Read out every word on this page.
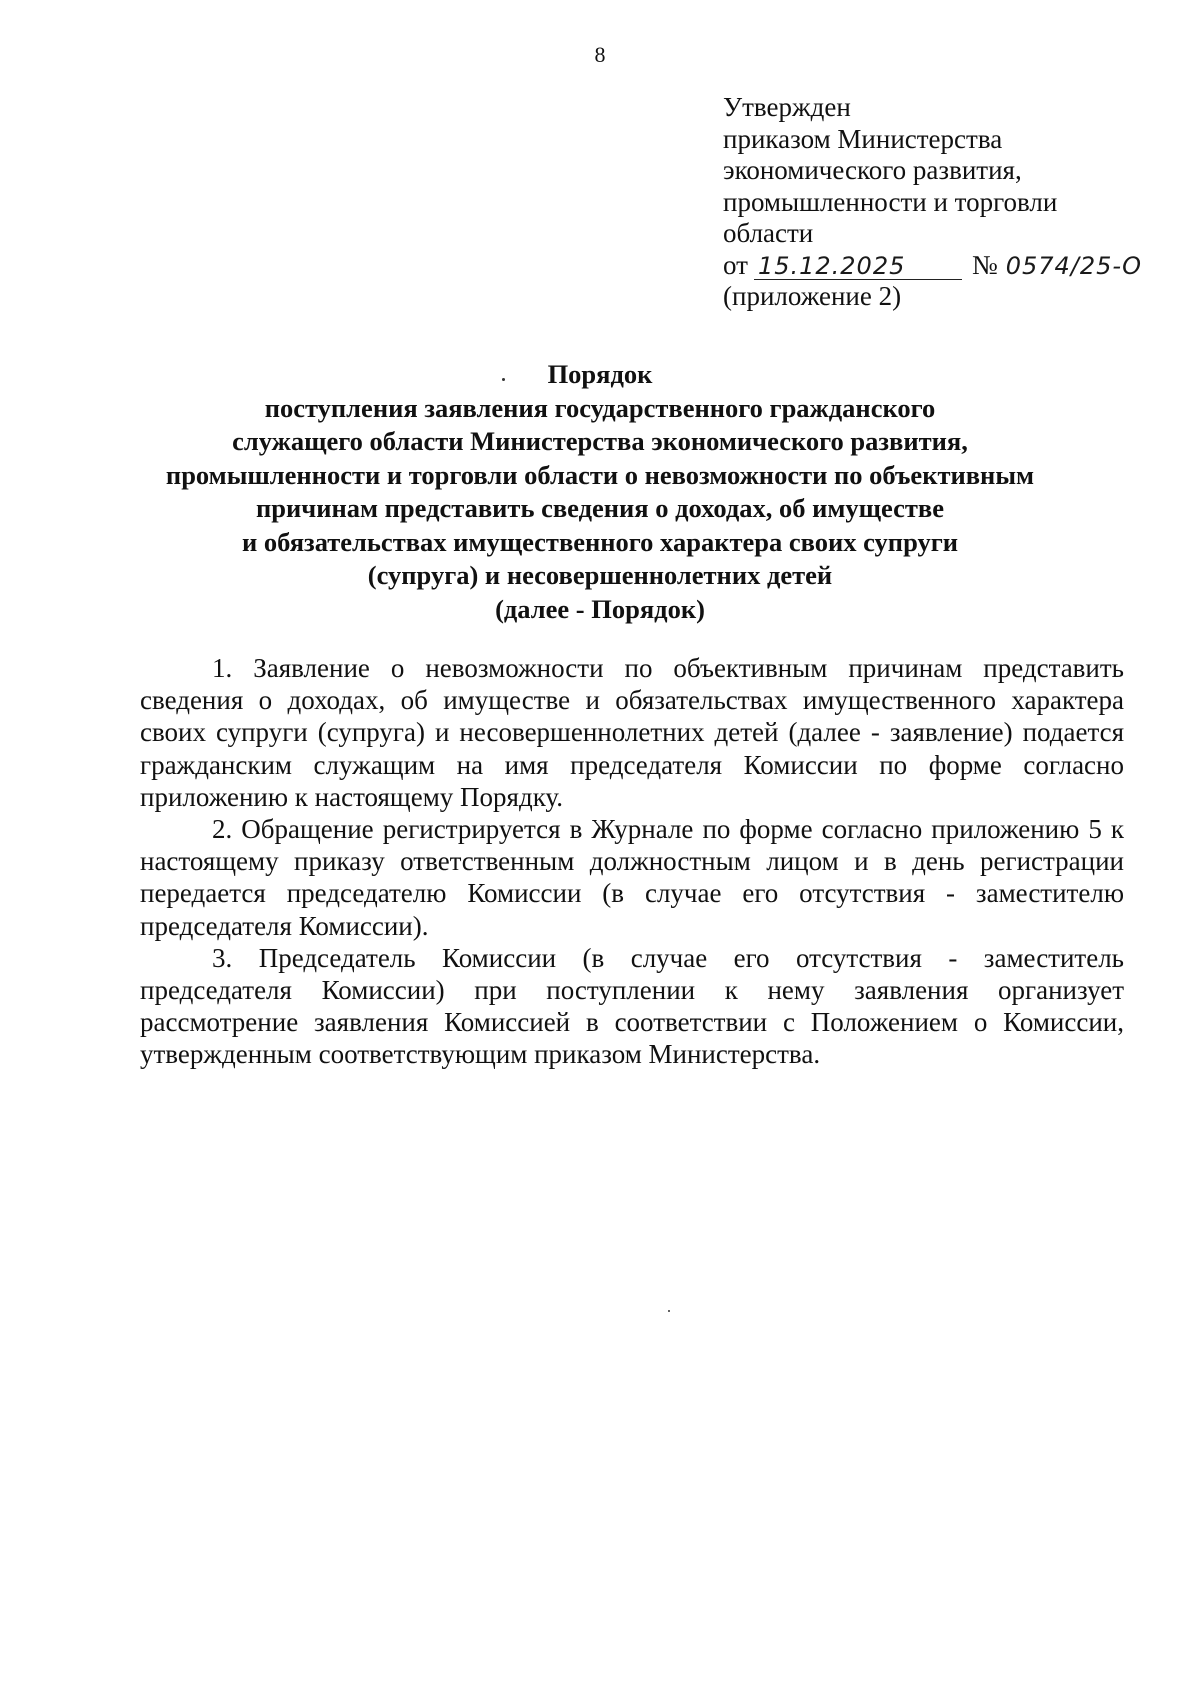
8
Утвержден
приказом Министерства
экономического развития,
промышленности и торговли
области
от 15.12.2025 № 0574/25-О
(приложение 2)
Порядок
поступления заявления государственного гражданского
служащего области Министерства экономического развития,
промышленности и торговли области о невозможности по объективным
причинам представить сведения о доходах, об имуществе
и обязательствах имущественного характера своих супруги
(супруга) и несовершеннолетних детей
(далее - Порядок)

1. Заявление о невозможности по объективным причинам представить сведения о доходах, об имуществе и обязательствах имущественного характера своих супруги (супруга) и несовершеннолетних детей (далее - заявление) подается гражданским служащим на имя председателя Комиссии по форме согласно приложению к настоящему Порядку.

2. Обращение регистрируется в Журнале по форме согласно приложению 5 к настоящему приказу ответственным должностным лицом и в день регистрации передается председателю Комиссии (в случае его отсутствия - заместителю председателя Комиссии).

3. Председатель Комиссии (в случае его отсутствия - заместитель председателя Комиссии) при поступлении к нему заявления организует рассмотрение заявления Комиссией в соответствии с Положением о Комиссии, утвержденным соответствующим приказом Министерства.
